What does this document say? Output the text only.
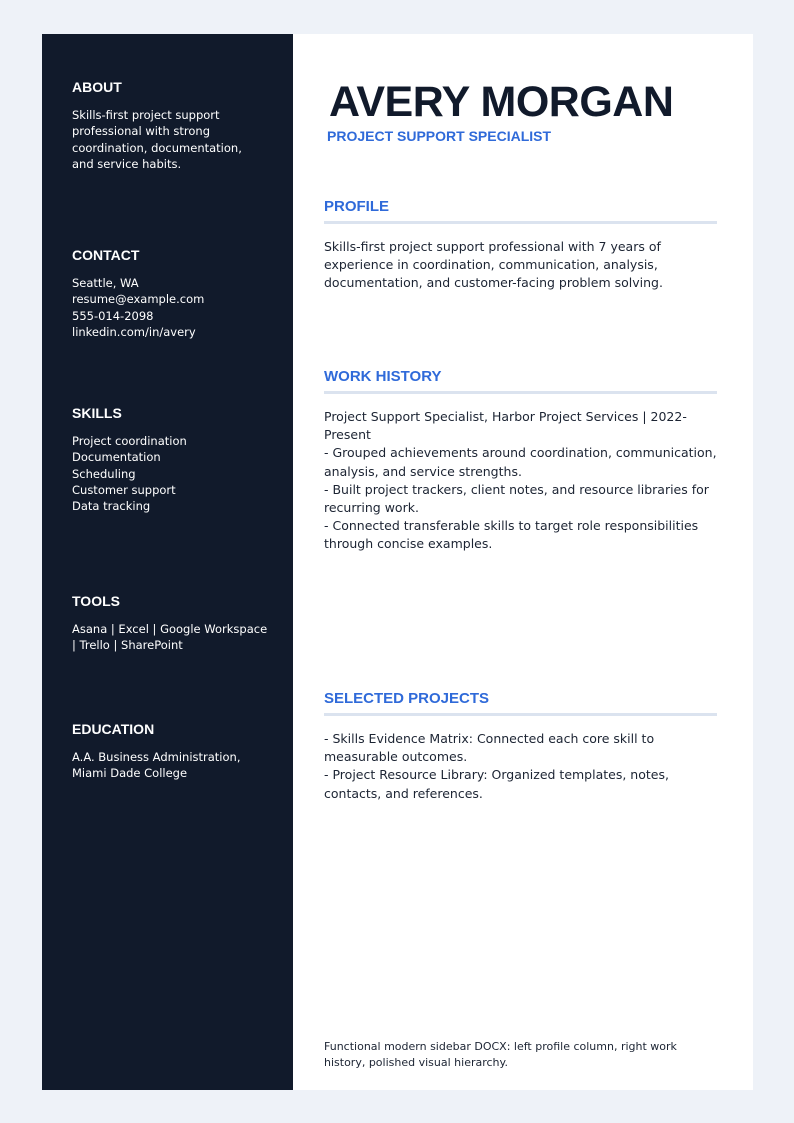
ABOUT
Skills-first project support
professional with strong
coordination, documentation,
and service habits.
CONTACT
Seattle, WA
resume@example.com
555-014-2098
linkedin.com/in/avery
SKILLS
Project coordination
Documentation
Scheduling
Customer support
Data tracking
TOOLS
Asana | Excel | Google Workspace
| Trello | SharePoint
EDUCATION
A.A. Business Administration,
Miami Dade College
AVERY MORGAN
PROJECT SUPPORT SPECIALIST
PROFILE
Skills-first project support professional with 7 years of
experience in coordination, communication, analysis,
documentation, and customer-facing problem solving.
WORK HISTORY
Project Support Specialist, Harbor Project Services | 2022-
Present
- Grouped achievements around coordination, communication,
analysis, and service strengths.
- Built project trackers, client notes, and resource libraries for
recurring work.
- Connected transferable skills to target role responsibilities
through concise examples.
SELECTED PROJECTS
- Skills Evidence Matrix: Connected each core skill to
measurable outcomes.
- Project Resource Library: Organized templates, notes,
contacts, and references.
Functional modern sidebar DOCX: left profile column, right work
history, polished visual hierarchy.
